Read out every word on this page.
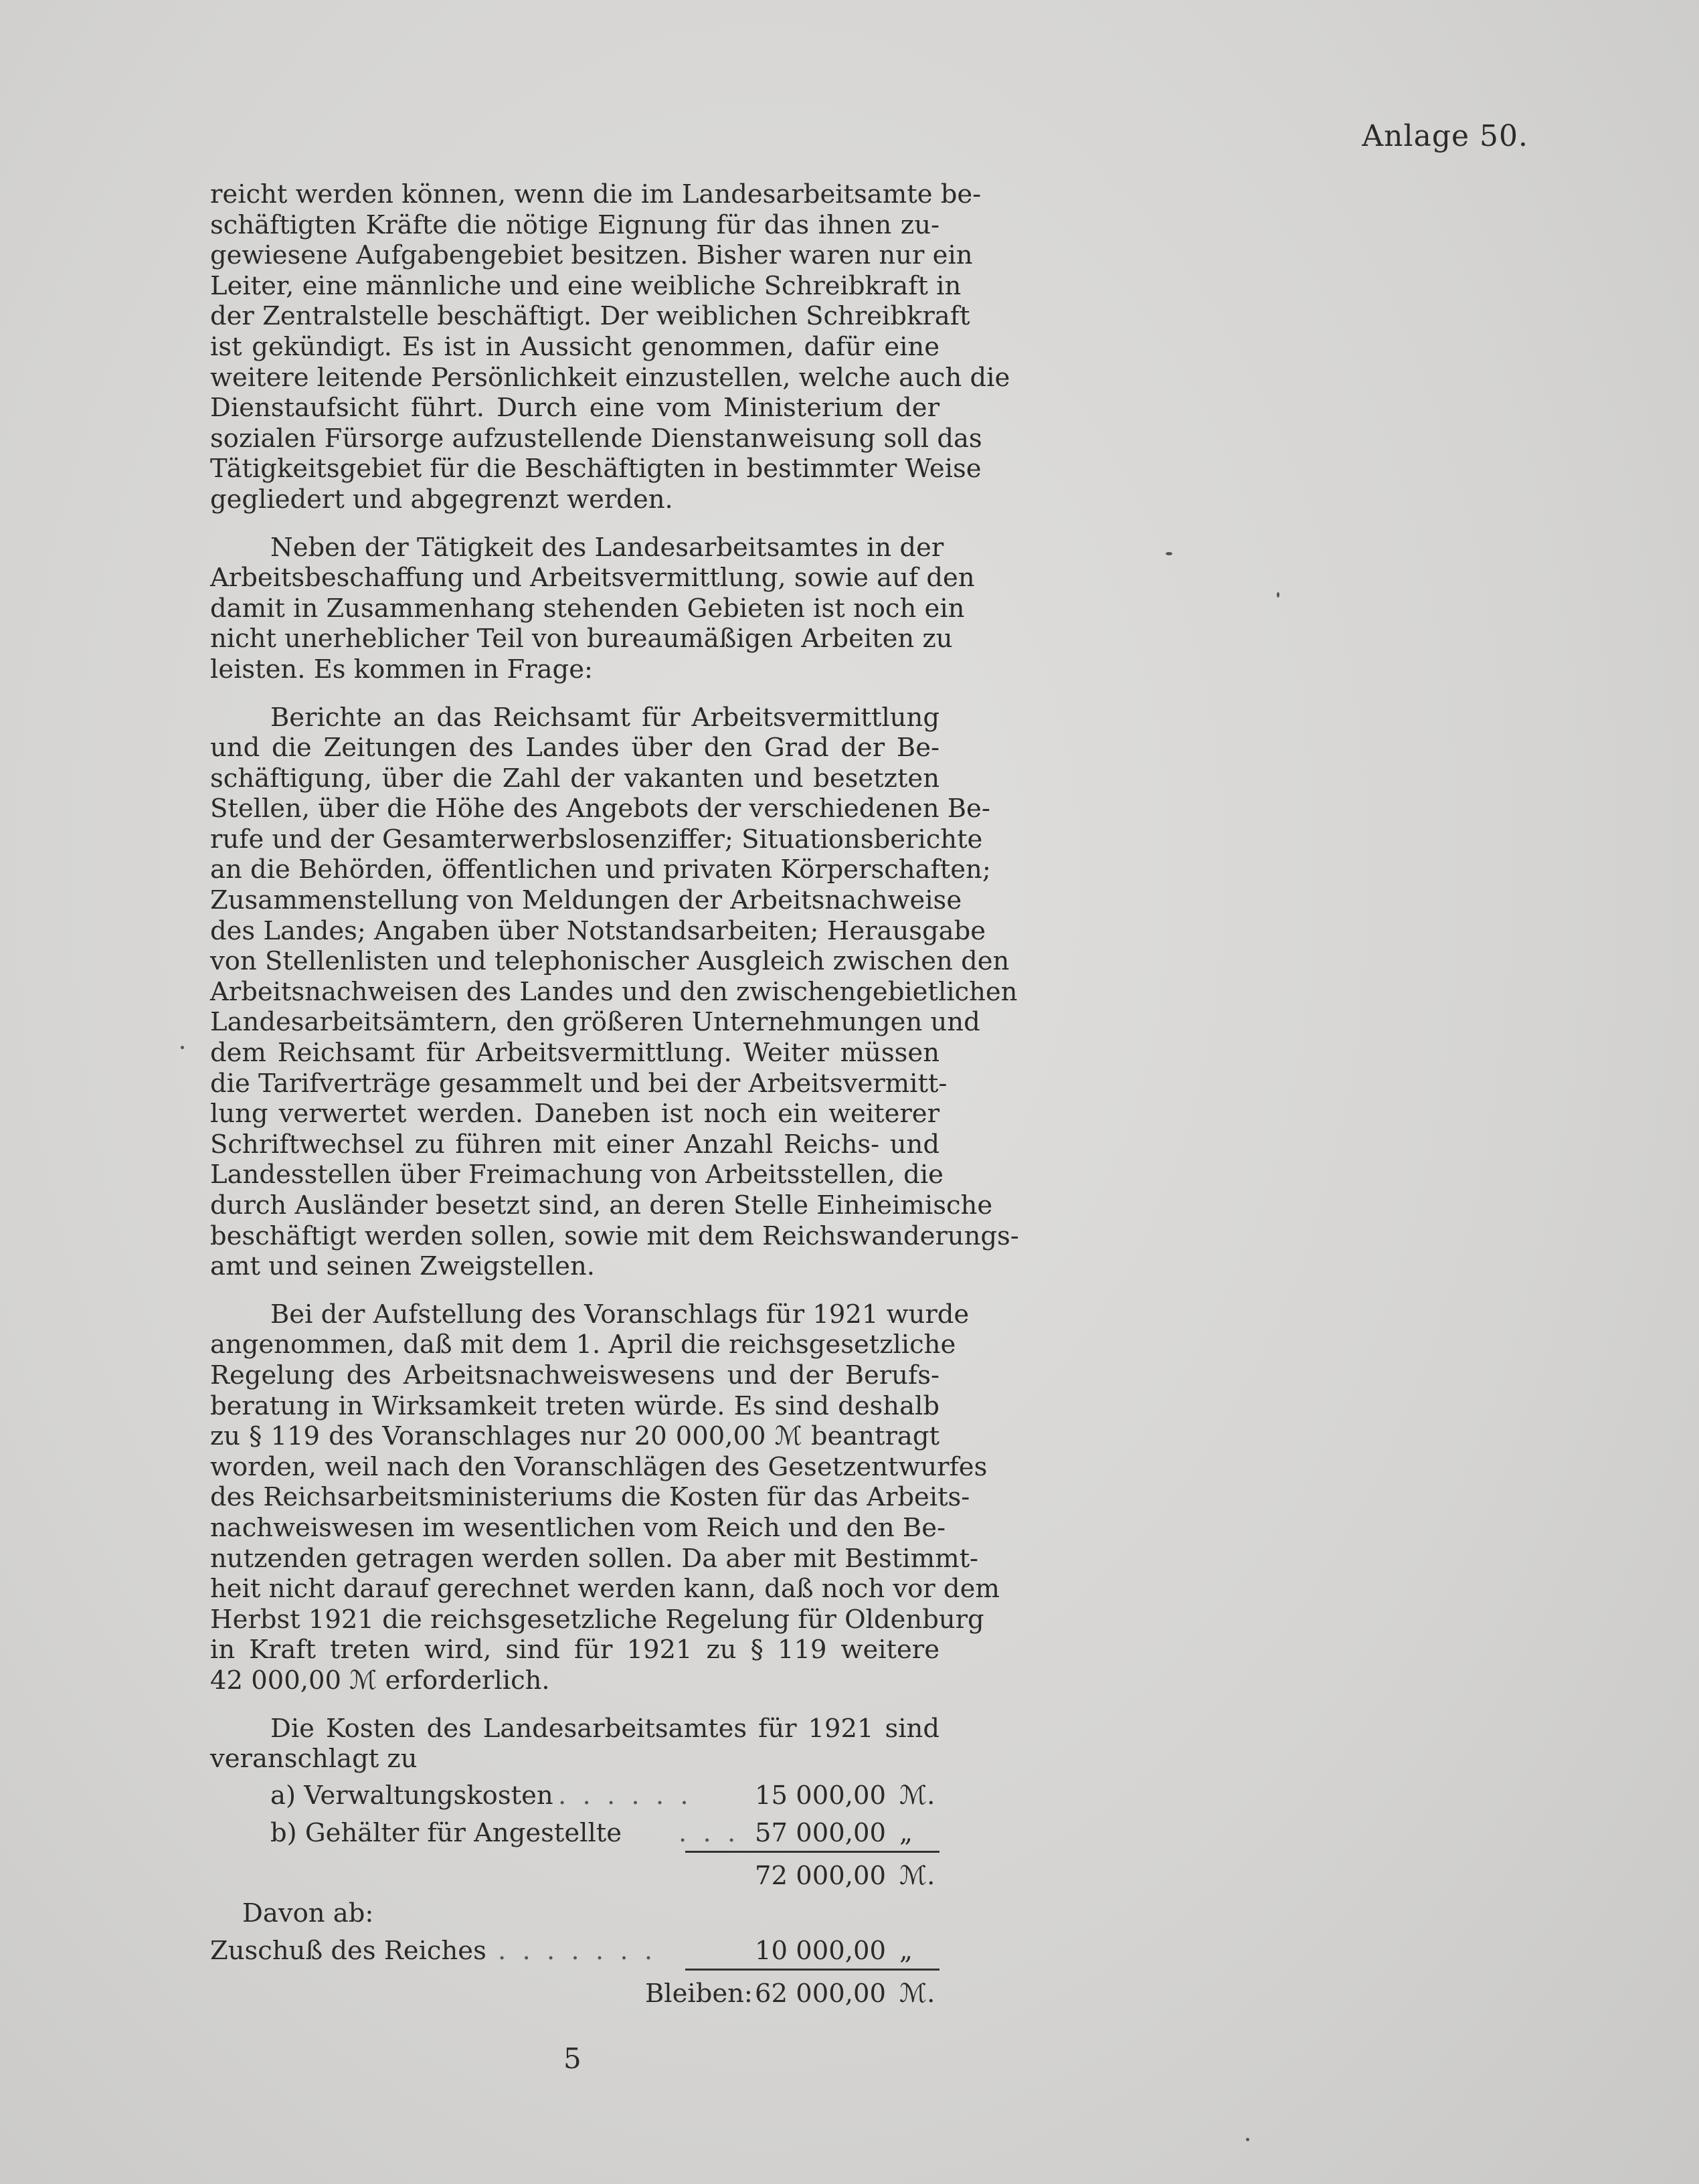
Anlage 50.
reicht werden können, wenn die im Landesarbeitsamte be-
schäftigten Kräfte die nötige Eignung für das ihnen zu-
gewiesene Aufgabengebiet besitzen. Bisher waren nur ein
Leiter, eine männliche und eine weibliche Schreibkraft in
der Zentralstelle beschäftigt. Der weiblichen Schreibkraft
ist gekündigt. Es ist in Aussicht genommen, dafür eine
weitere leitende Persönlichkeit einzustellen, welche auch die
Dienstaufsicht führt. Durch eine vom Ministerium der
sozialen Fürsorge aufzustellende Dienstanweisung soll das
Tätigkeitsgebiet für die Beschäftigten in bestimmter Weise
gegliedert und abgegrenzt werden.
Neben der Tätigkeit des Landesarbeitsamtes in der
Arbeitsbeschaffung und Arbeitsvermittlung, sowie auf den
damit in Zusammenhang stehenden Gebieten ist noch ein
nicht unerheblicher Teil von bureaumäßigen Arbeiten zu
leisten. Es kommen in Frage:
Berichte an das Reichsamt für Arbeitsvermittlung
und die Zeitungen des Landes über den Grad der Be-
schäftigung, über die Zahl der vakanten und besetzten
Stellen, über die Höhe des Angebots der verschiedenen Be-
rufe und der Gesamterwerbslosenziffer; Situationsberichte
an die Behörden, öffentlichen und privaten Körperschaften;
Zusammenstellung von Meldungen der Arbeitsnachweise
des Landes; Angaben über Notstandsarbeiten; Herausgabe
von Stellenlisten und telephonischer Ausgleich zwischen den
Arbeitsnachweisen des Landes und den zwischengebietlichen
Landesarbeitsämtern, den größeren Unternehmungen und
dem Reichsamt für Arbeitsvermittlung. Weiter müssen
die Tarifverträge gesammelt und bei der Arbeitsvermitt-
lung verwertet werden. Daneben ist noch ein weiterer
Schriftwechsel zu führen mit einer Anzahl Reichs- und
Landesstellen über Freimachung von Arbeitsstellen, die
durch Ausländer besetzt sind, an deren Stelle Einheimische
beschäftigt werden sollen, sowie mit dem Reichswanderungs-
amt und seinen Zweigstellen.
Bei der Aufstellung des Voranschlags für 1921 wurde
angenommen, daß mit dem 1. April die reichsgesetzliche
Regelung des Arbeitsnachweiswesens und der Berufs-
beratung in Wirksamkeit treten würde. Es sind deshalb
zu § 119 des Voranschlages nur 20 000,00 ℳ beantragt
worden, weil nach den Voranschlägen des Gesetzentwurfes
des Reichsarbeitsministeriums die Kosten für das Arbeits-
nachweiswesen im wesentlichen vom Reich und den Be-
nutzenden getragen werden sollen. Da aber mit Bestimmt-
heit nicht darauf gerechnet werden kann, daß noch vor dem
Herbst 1921 die reichsgesetzliche Regelung für Oldenburg
in Kraft treten wird, sind für 1921 zu § 119 weitere
42 000,00 ℳ erforderlich.
Die Kosten des Landesarbeitsamtes für 1921 sind
veranschlagt zu
a) Verwaltungskosten . . . . . . 15 000,00 ℳ.
b) Gehälter für Angestellte . . . 57 000,00 „
72 000,00 ℳ.
Davon ab:
Zuschuß des Reiches . . . . . . .	10 000,00 „
Bleiben: 62 000,00 ℳ.
5
